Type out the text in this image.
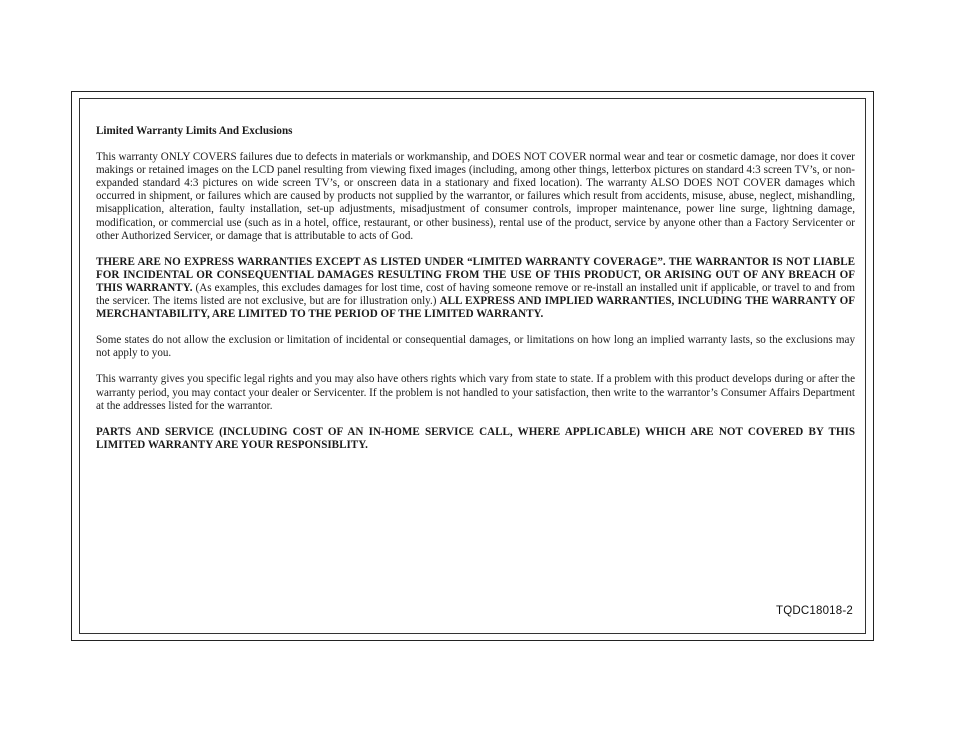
Limited Warranty Limits And Exclusions

This warranty ONLY COVERS failures due to defects in materials or workmanship, and DOES NOT COVER normal wear and tear or cosmetic damage, nor does it cover makings or retained images on the LCD panel resulting from viewing fixed images (including, among other things, letterbox pictures on standard 4:3 screen TV’s, or non-expanded standard 4:3 pictures on wide screen TV’s, or onscreen data in a stationary and fixed location). The warranty ALSO DOES NOT COVER damages which occurred in shipment, or failures which are caused by products not supplied by the warrantor, or failures which result from accidents, misuse, abuse, neglect, mishandling, misapplication, alteration, faulty installation, set-up adjustments, misadjustment of consumer controls, improper maintenance, power line surge, lightning damage, modification, or commercial use (such as in a hotel, office, restaurant, or other business), rental use of the product, service by anyone other than a Factory Servicenter or other Authorized Servicer, or damage that is attributable to acts of God.

THERE ARE NO EXPRESS WARRANTIES EXCEPT AS LISTED UNDER “LIMITED WARRANTY COVERAGE”. THE WARRANTOR IS NOT LIABLE FOR INCIDENTAL OR CONSEQUENTIAL DAMAGES RESULTING FROM THE USE OF THIS PRODUCT, OR ARISING OUT OF ANY BREACH OF THIS WARRANTY. (As examples, this excludes damages for lost time, cost of having someone remove or re-install an installed unit if applicable, or travel to and from the servicer. The items listed are not exclusive, but are for illustration only.) ALL EXPRESS AND IMPLIED WARRANTIES, INCLUDING THE WARRANTY OF MERCHANTABILITY, ARE LIMITED TO THE PERIOD OF THE LIMITED WARRANTY.

Some states do not allow the exclusion or limitation of incidental or consequential damages, or limitations on how long an implied warranty lasts, so the exclusions may not apply to you.

This warranty gives you specific legal rights and you may also have others rights which vary from state to state. If a problem with this product develops during or after the warranty period, you may contact your dealer or Servicenter. If the problem is not handled to your satisfaction, then write to the warrantor’s Consumer Affairs Department at the addresses listed for the warrantor.

PARTS AND SERVICE (INCLUDING COST OF AN IN-HOME SERVICE CALL, WHERE APPLICABLE) WHICH ARE NOT COVERED BY THIS LIMITED WARRANTY ARE YOUR RESPONSIBLITY.

TQDC18018-2
